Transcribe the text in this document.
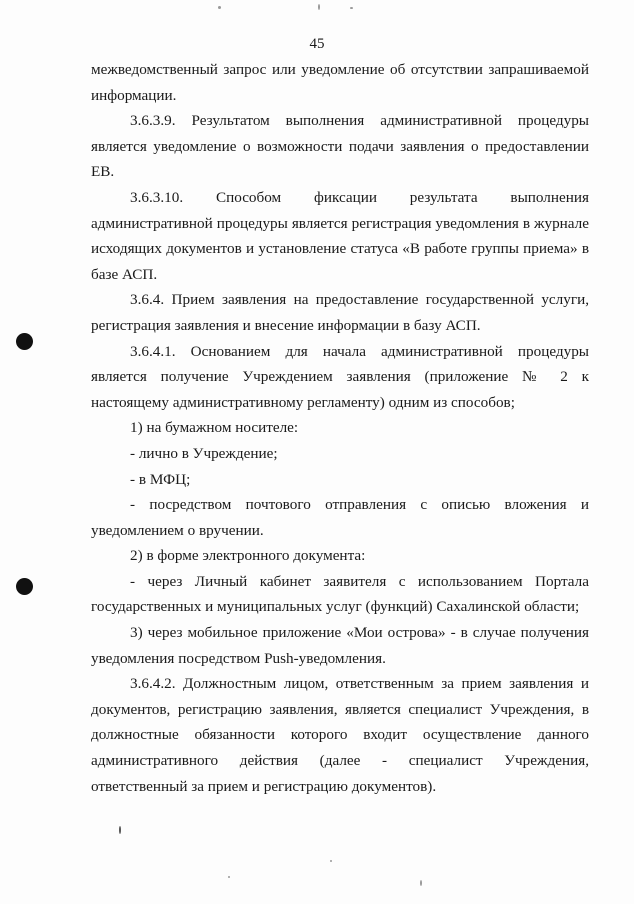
45

межведомственный запрос или уведомление об отсутствии запрашиваемой информации.

3.6.3.9. Результатом выполнения административной процедуры является уведомление о возможности подачи заявления о предоставлении ЕВ.

3.6.3.10. Способом фиксации результата выполнения административной процедуры является регистрация уведомления в журнале исходящих документов и установление статуса «В работе группы приема» в базе АСП.

3.6.4. Прием заявления на предоставление государственной услуги, регистрация заявления и внесение информации в базу АСП.

3.6.4.1. Основанием для начала административной процедуры является получение Учреждением заявления (приложение № 2 к настоящему административному регламенту) одним из способов;

1) на бумажном носителе:

- лично в Учреждение;

- в МФЦ;

- посредством почтового отправления с описью вложения и уведомлением о вручении.

2) в форме электронного документа:

- через Личный кабинет заявителя с использованием Портала государственных и муниципальных услуг (функций) Сахалинской области;

3) через мобильное приложение «Мои острова» - в случае получения уведомления посредством Push-уведомления.

3.6.4.2. Должностным лицом, ответственным за прием заявления и документов, регистрацию заявления, является специалист Учреждения, в должностные обязанности которого входит осуществление данного административного действия (далее - специалист Учреждения, ответственный за прием и регистрацию документов).
